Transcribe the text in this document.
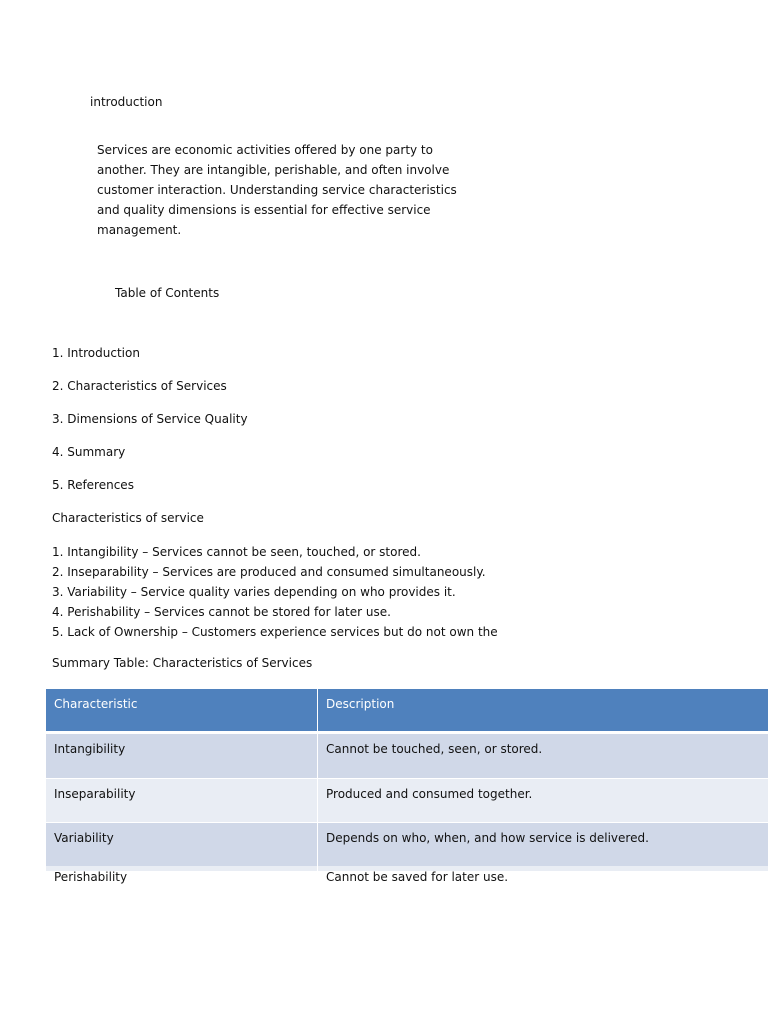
introduction
Services are economic activities offered by one party to
another. They are intangible, perishable, and often involve
customer interaction. Understanding service characteristics
and quality dimensions is essential for effective service
management.
Table of Contents
1. Introduction
2. Characteristics of Services
3. Dimensions of Service Quality
4. Summary
5. References
Characteristics of service
1. Intangibility – Services cannot be seen, touched, or stored.
2. Inseparability – Services are produced and consumed simultaneously.
3. Variability – Service quality varies depending on who provides it.
4. Perishability – Services cannot be stored for later use.
5. Lack of Ownership – Customers experience services but do not own the
Summary Table: Characteristics of Services
Characteristic	Description
Intangibility	Cannot be touched, seen, or stored.
Inseparability	Produced and consumed together.
Variability	Depends on who, when, and how service is delivered.
Perishability	Cannot be saved for later use.
